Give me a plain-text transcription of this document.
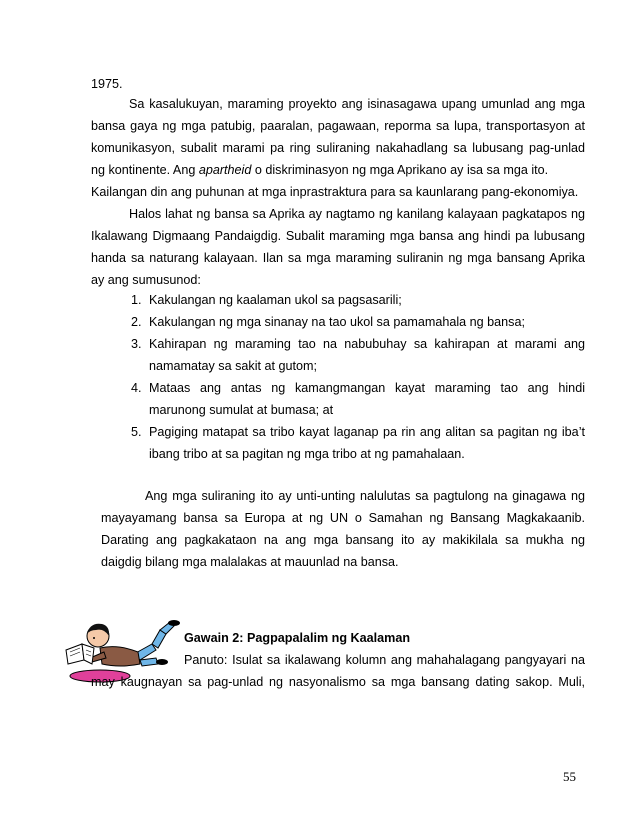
1975.
Sa kasalukuyan, maraming proyekto ang isinasagawa upang umunlad ang mga
bansa gaya ng mga patubig, paaralan, pagawaan, reporma sa lupa, transportasyon at
komunikasyon, subalit marami pa ring suliraning nakahadlang sa lubusang pag-unlad
ng kontinente. Ang apartheid o diskriminasyon ng mga Aprikano ay isa sa mga ito.
Kailangan din ang puhunan at mga inprastraktura para sa kaunlarang pang-ekonomiya.
Halos lahat ng bansa sa Aprika ay nagtamo ng kanilang kalayaan pagkatapos ng
Ikalawang Digmaang Pandaigdig. Subalit maraming mga bansa ang hindi pa lubusang
handa sa naturang kalayaan. Ilan sa mga maraming suliranin ng mga bansang Aprika
ay ang sumusunod:
1. Kakulangan ng kaalaman ukol sa pagsasarili;
2. Kakulangan ng mga sinanay na tao ukol sa pamamahala ng bansa;
3. Kahirapan ng maraming tao na nabubuhay sa kahirapan at marami ang
namamatay sa sakit at gutom;
4. Mataas ang antas ng kamangmangan kayat maraming tao ang hindi
marunong sumulat at bumasa; at
5. Pagiging matapat sa tribo kayat laganap pa rin ang alitan sa pagitan ng iba’t
ibang tribo at sa pagitan ng mga tribo at ng pamahalaan.
Ang mga suliraning ito ay unti-unting nalulutas sa pagtulong na ginagawa ng
mayayamang bansa sa Europa at ng UN o Samahan ng Bansang Magkakaanib.
Darating ang pagkakataon na ang mga bansang ito ay makikilala sa mukha ng
daigdig bilang mga malalakas at mauunlad na bansa.
Gawain 2: Pagpapalalim ng Kaalaman
Panuto: Isulat sa ikalawang kolumn ang mahahalagang pangyayari na
may kaugnayan sa pag-unlad ng nasyonalismo sa mga bansang dating sakop. Muli,
55
